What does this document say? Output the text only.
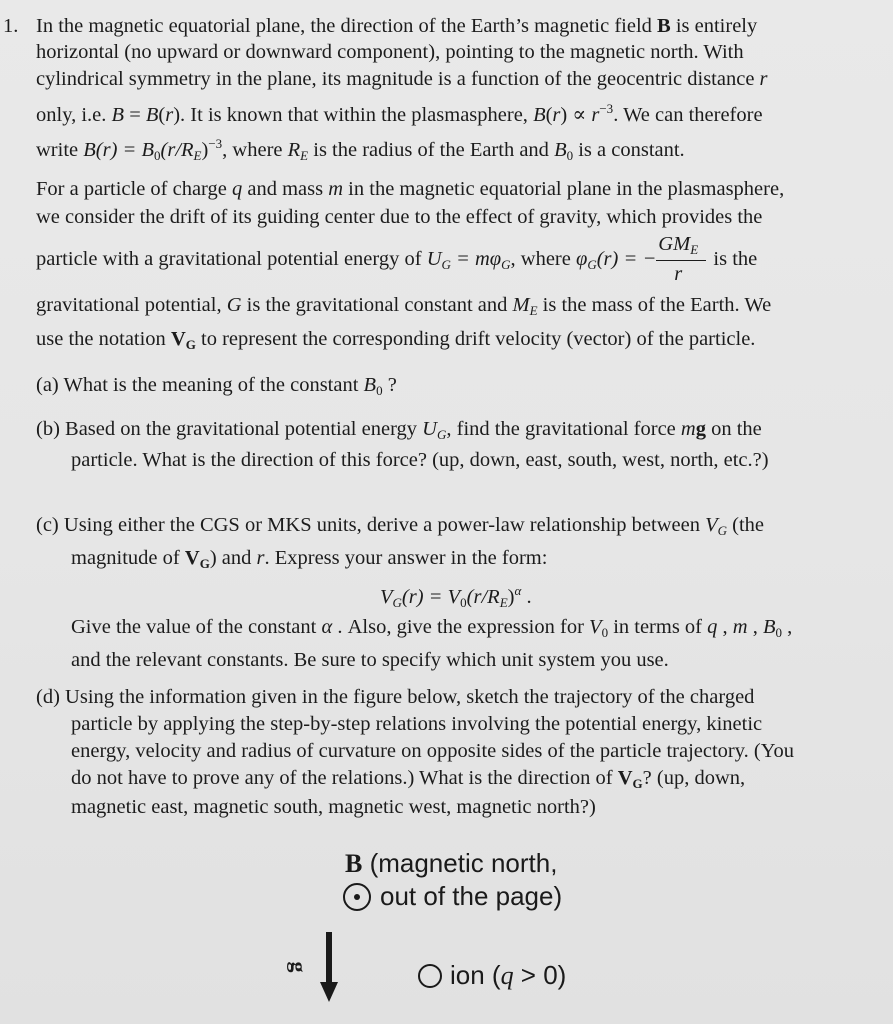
1. In the magnetic equatorial plane, the direction of the Earth’s magnetic field B is entirely
horizontal (no upward or downward component), pointing to the magnetic north. With
cylindrical symmetry in the plane, its magnitude is a function of the geocentric distance r
only, i.e. B = B(r). It is known that within the plasmasphere, $B(r) \propto r^{-3}$. We can therefore
write $B(r) = B_0(r/R_E)^{-3}$, where $R_E$ is the radius of the Earth and $B_0$ is a constant.
For a particle of charge q and mass m in the magnetic equatorial plane in the plasmasphere,
we consider the drift of its guiding center due to the effect of gravity, which provides the
particle with a gravitational potential energy of $U_G = m\varphi_G$, where $\varphi_G(r)$ = − $\frac{GM_E}{r}$ is the
gravitational potential, G is the gravitational constant and $M_E$ is the mass of the Earth. We
use the notation $V_G$ to represent the corresponding drift velocity (vector) of the particle.
(a) What is the meaning of the constant $B_0$ ?
(b) Based on the gravitational potential energy $U_G$, find the gravitational force mg on the
particle. What is the direction of this force? (up, down, east, south, west, north, etc.?)
(c) Using either the CGS or MKS units, derive a power-law relationship between $V_G$ (the
magnitude of $V_G$) and r. Express your answer in the form:
$V_G(r) = V_0(r/R_E)^\alpha$ .
Give the value of the constant α . Also, give the expression for $V_0$ in terms of q , m , $B_0$ ,
and the relevant constants. Be sure to specify which unit system you use.
(d) Using the information given in the figure below, sketch the trajectory of the charged
particle by applying the step-by-step relations involving the potential energy, kinetic
energy, velocity and radius of curvature on opposite sides of the particle trajectory. (You
do not have to prove any of the relations.) What is the direction of $V_G$? (up, down,
magnetic east, magnetic south, magnetic west, magnetic north?)
B (magnetic north,
out of the page)
g	ion (q > 0)
